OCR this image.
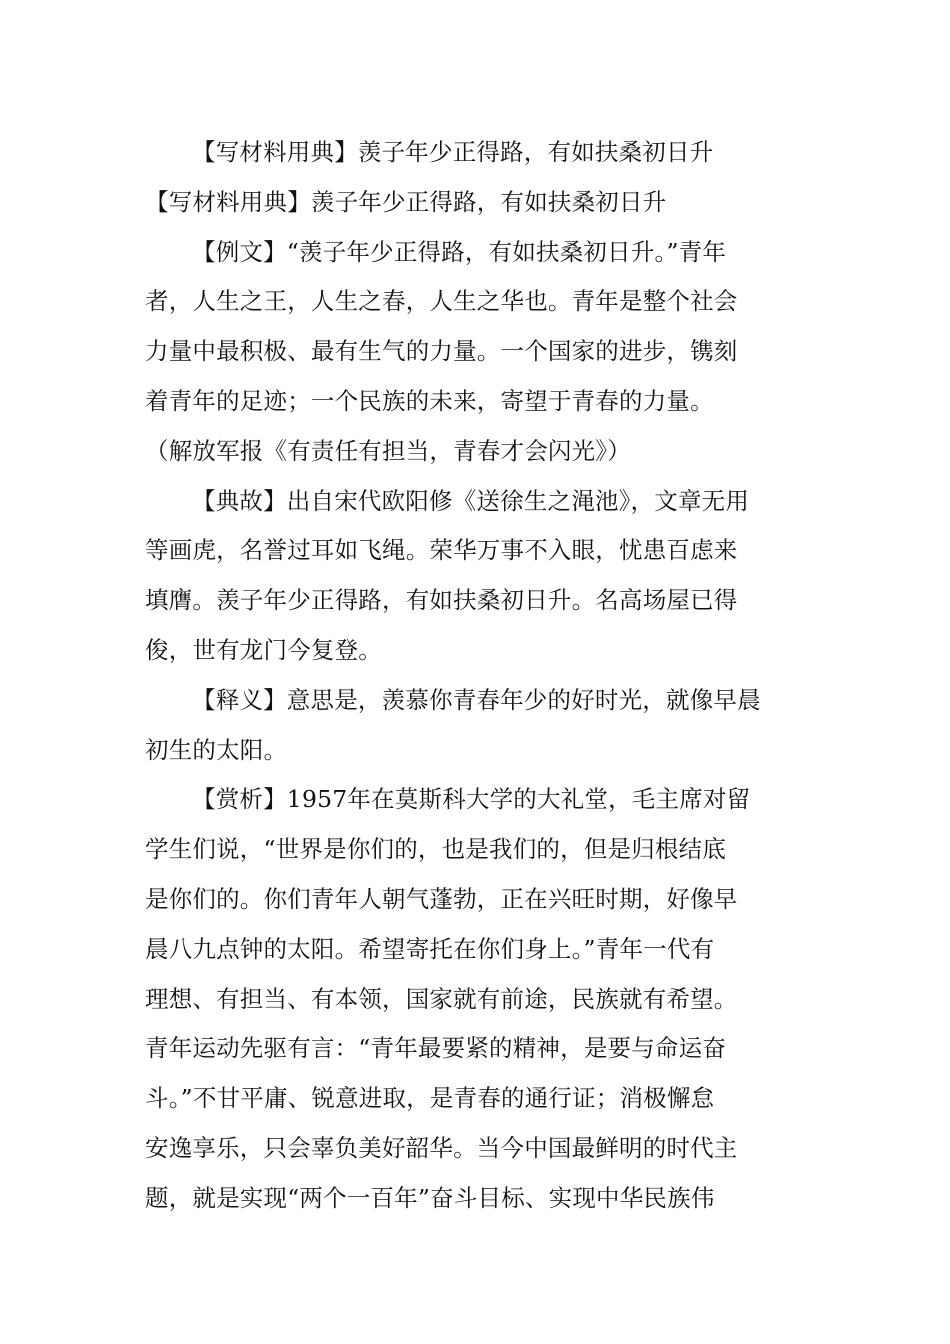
【写材料用典】羡子年少正得路，有如扶桑初日升
【写材料用典】羡子年少正得路，有如扶桑初日升
【例文】“羡子年少正得路，有如扶桑初日升。”青年
者，人生之王，人生之春，人生之华也。青年是整个社会
力量中最积极、最有生气的力量。一个国家的进步，镌刻
着青年的足迹；一个民族的未来，寄望于青春的力量。
（解放军报《有责任有担当，青春才会闪光》）
【典故】出自宋代欧阳修《送徐生之渑池》，文章无用
等画虎，名誉过耳如飞绳。荣华万事不入眼，忧患百虑来
填膺。羡子年少正得路，有如扶桑初日升。名高场屋已得
俊，世有龙门今复登。
【释义】意思是，羡慕你青春年少的好时光，就像早晨
初生的太阳。
【赏析】1957年在莫斯科大学的大礼堂，毛主席对留
学生们说，“世界是你们的，也是我们的，但是归根结底
是你们的。你们青年人朝气蓬勃，正在兴旺时期，好像早
晨八九点钟的太阳。希望寄托在你们身上。”青年一代有
理想、有担当、有本领，国家就有前途，民族就有希望。
青年运动先驱有言：“青年最要紧的精神，是要与命运奋
斗。”不甘平庸、锐意进取，是青春的通行证；消极懈怠
安逸享乐，只会辜负美好韶华。当今中国最鲜明的时代主
题，就是实现“两个一百年”奋斗目标、实现中华民族伟
